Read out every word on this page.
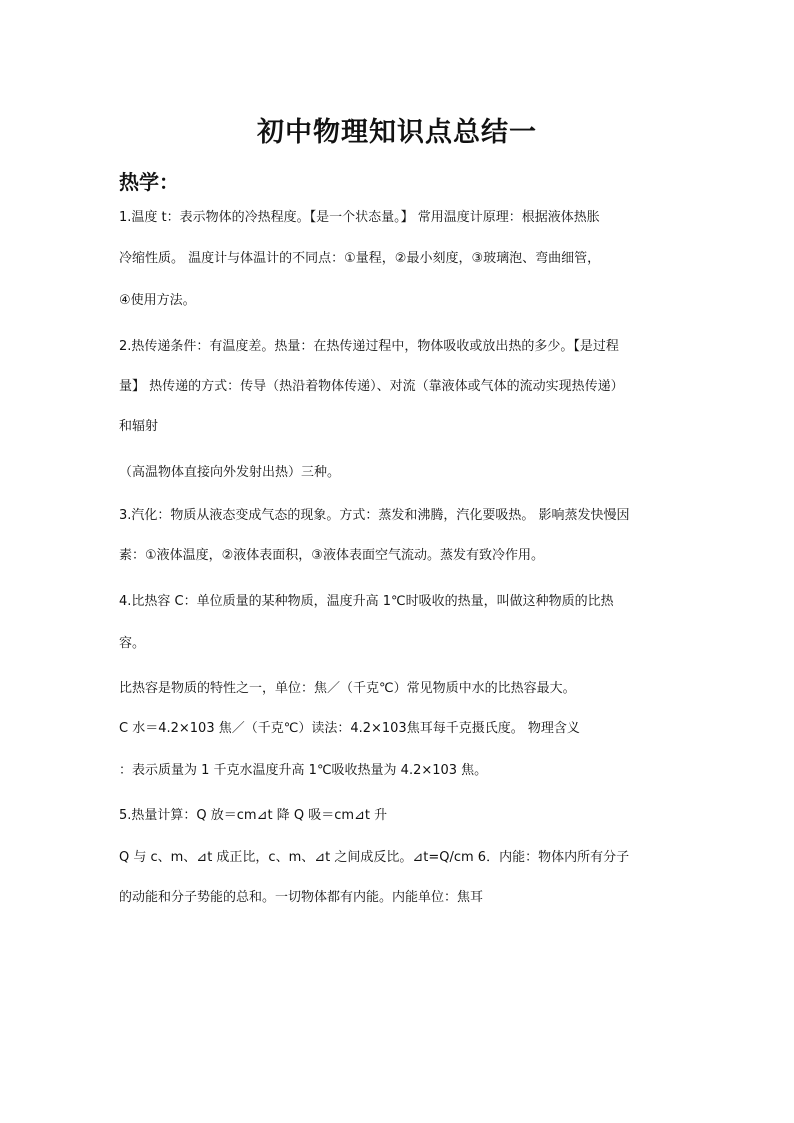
初中物理知识点总结一
热学：
1.温度 t：表示物体的冷热程度。【是一个状态量。】 常用温度计原理：根据液体热胀
冷缩性质。 温度计与体温计的不同点：①量程，②最小刻度，③玻璃泡、弯曲细管，
④使用方法。
2.热传递条件：有温度差。热量：在热传递过程中，物体吸收或放出热的多少。【是过程
量】 热传递的方式：传导（热沿着物体传递）、对流（靠液体或气体的流动实现热传递）
和辐射
（高温物体直接向外发射出热）三种。
3.汽化：物质从液态变成气态的现象。方式：蒸发和沸腾，汽化要吸热。 影响蒸发快慢因
素：①液体温度，②液体表面积，③液体表面空气流动。蒸发有致冷作用。
4.比热容 C：单位质量的某种物质，温度升高 1℃时吸收的热量，叫做这种物质的比热
容。
比热容是物质的特性之一，单位：焦／（千克℃）常见物质中水的比热容最大。
C 水＝4.2×103 焦／（千克℃）读法：4.2×103焦耳每千克摄氏度。 物理含义
：表示质量为 1 千克水温度升高 1℃吸收热量为 4.2×103 焦。
5.热量计算：Q 放＝cm⊿t 降 Q 吸＝cm⊿t 升
Q 与 c、m、⊿t 成正比，c、m、⊿t 之间成反比。⊿t=Q/cm 6．内能：物体内所有分子
的动能和分子势能的总和。一切物体都有内能。内能单位：焦耳
